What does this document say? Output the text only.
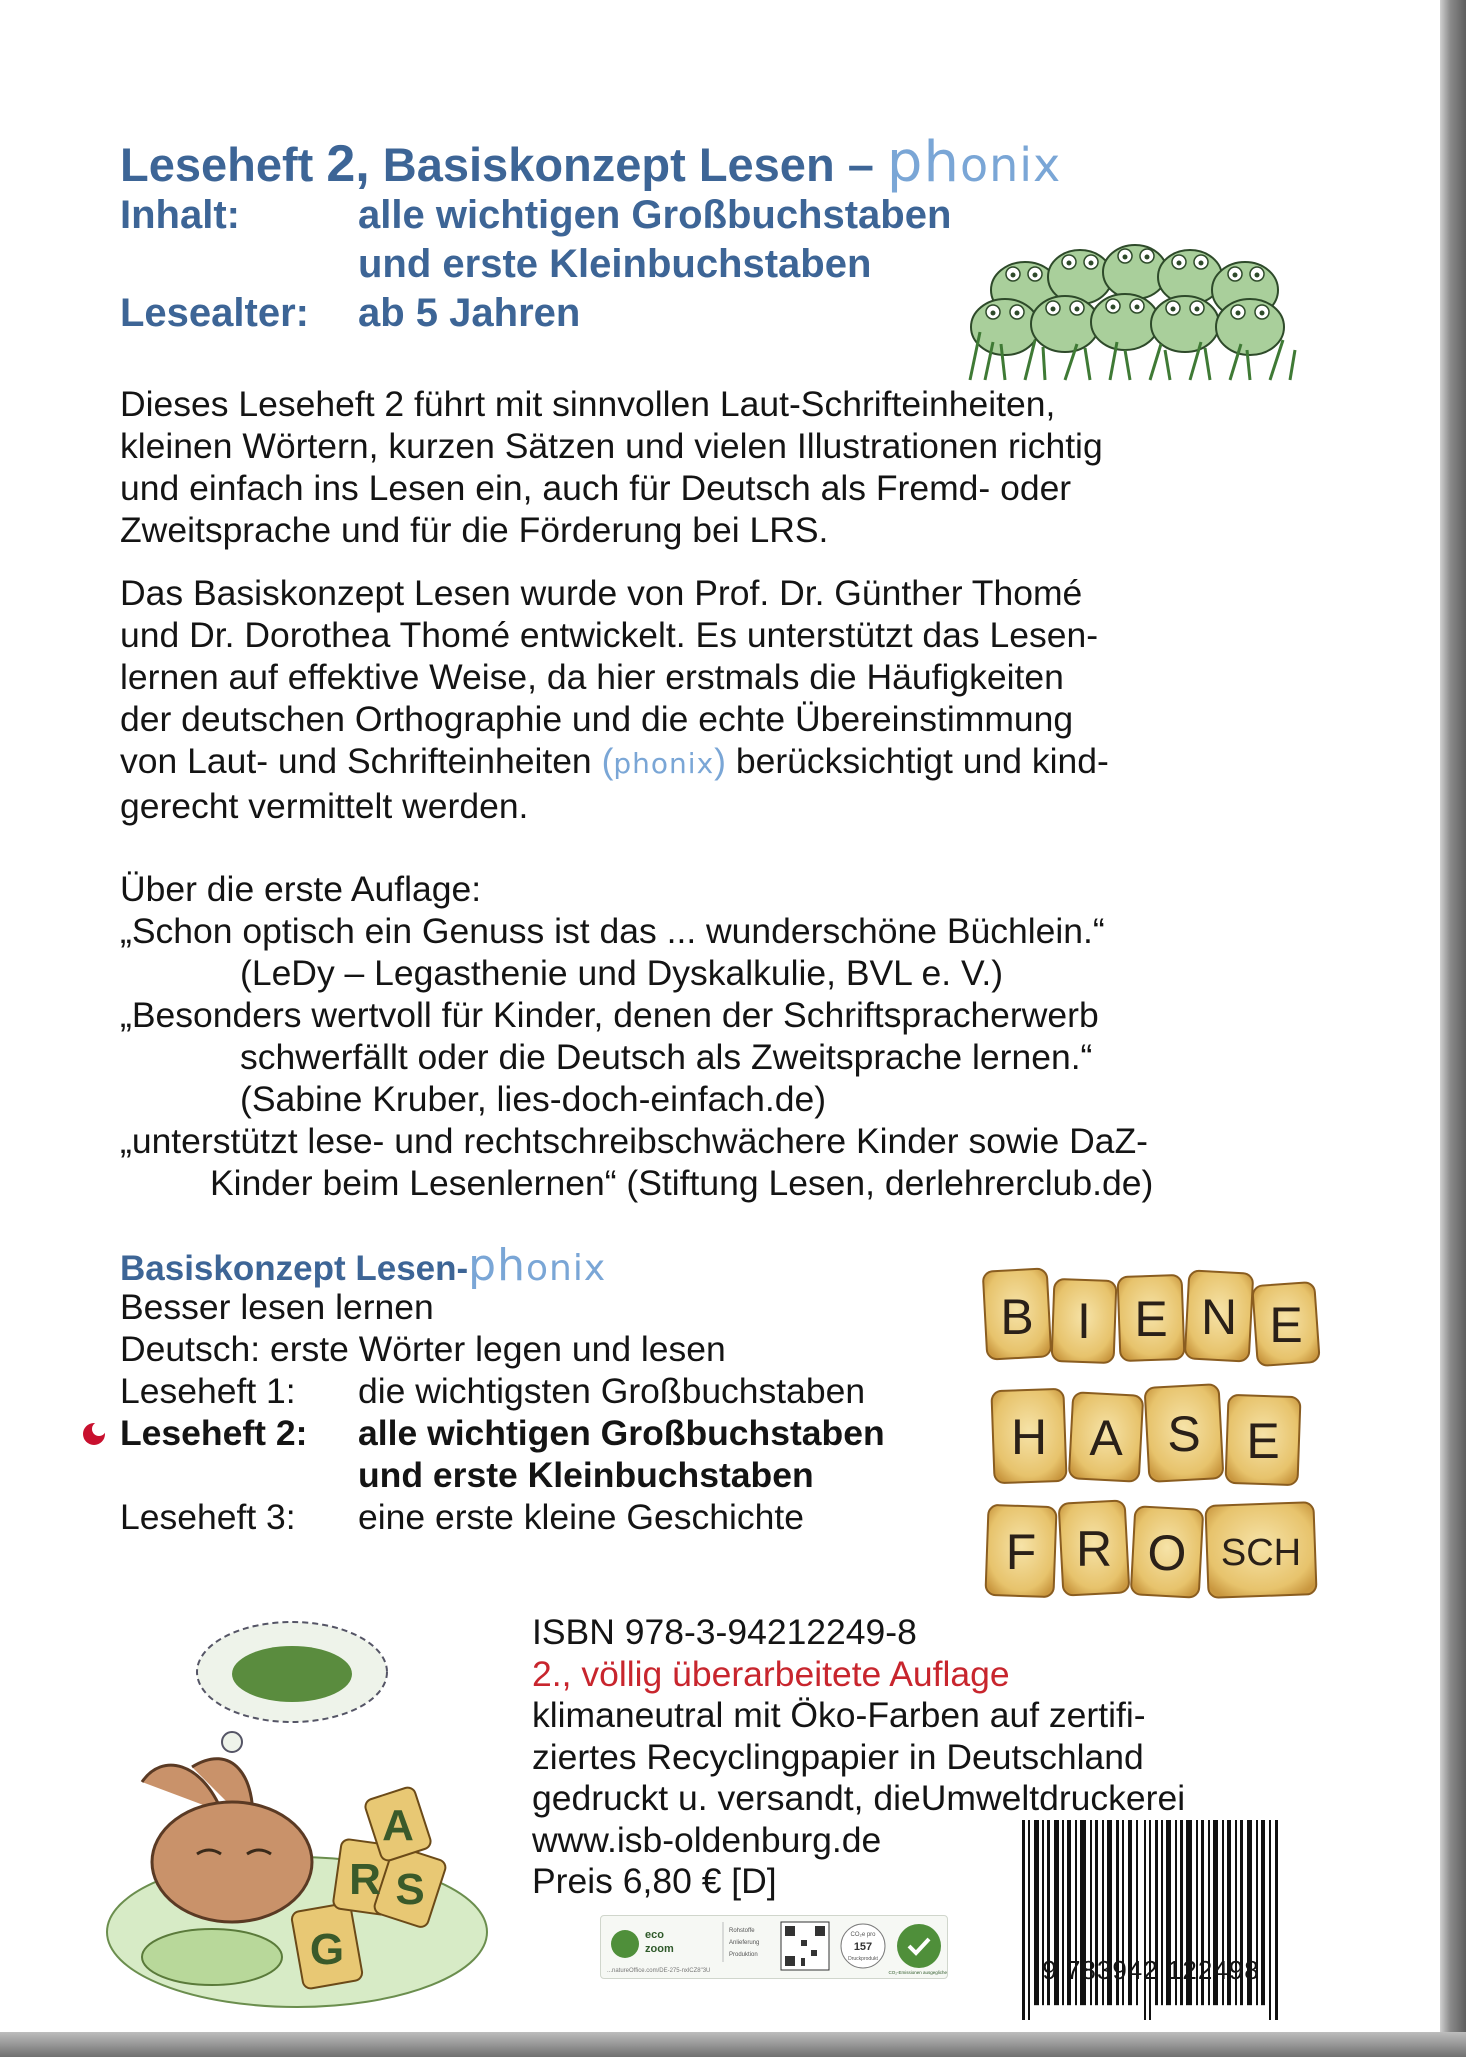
Leseheft 2, Basiskonzept Lesen – phonix
Inhalt:	alle wichtigen Großbuchstaben
und erste Kleinbuchstaben
Lesealter: ab 5 Jahren

Dieses Leseheft 2 führt mit sinnvollen Laut-Schrifteinheiten,

kleinen Wörtern, kurzen Sätzen und vielen Illustrationen richtig

und einfach ins Lesen ein, auch für Deutsch als Fremd- oder

Zweitsprache und für die Förderung bei LRS.

Das Basiskonzept Lesen wurde von Prof. Dr. Günther Thomé

und Dr. Dorothea Thomé entwickelt. Es unterstützt das Lesen-

lernen auf effektive Weise, da hier erstmals die Häufigkeiten

der deutschen Orthographie und die echte Übereinstimmung

von Laut- und Schrifteinheiten (phonix) berücksichtigt und kind-

gerecht vermittelt werden.

Über die erste Auflage:

„Schon optisch ein Genuss ist das ... wunderschöne Büchlein.“

(LeDy – Legasthenie und Dyskalkulie, BVL e. V.)

„Besonders wertvoll für Kinder, denen der Schriftspracherwerb

schwerfällt oder die Deutsch als Zweitsprache lernen.“

(Sabine Kruber, lies-doch-einfach.de)

„unterstützt lese- und rechtschreibschwächere Kinder sowie DaZ-

Kinder beim Lesenlernen“ (Stiftung Lesen, derlehrerclub.de)

Basiskonzept Lesen-phonix
Besser lesen lernen
Deutsch: erste Wörter legen und lesen
Leseheft 1: die wichtigsten Großbuchstaben
Leseheft 2: alle wichtigen Großbuchstaben
und erste Kleinbuchstaben
Leseheft 3: eine erste kleine Geschichte
B I E N E
H A S E
F R O SCH
G
R S
A
ISBN 978-3-94212249-8
2., völlig überarbeitete Auflage
klimaneutral mit Öko-Farben auf zertifi-
ziertes Recyclingpapier in Deutschland
gedruckt u. versandt, dieUmweltdruckerei
www.isb-oldenburg.de
Preis 6,80 € [D]
eco
zoom
Rohstoffe
Anlieferung
Produktion
...natureOffice.com/DE-275-nxlCZ8"3U
CO₂e pro
157
Druckprodukt
CO₂-Emissionen ausgeglichen	9 783942 122498
